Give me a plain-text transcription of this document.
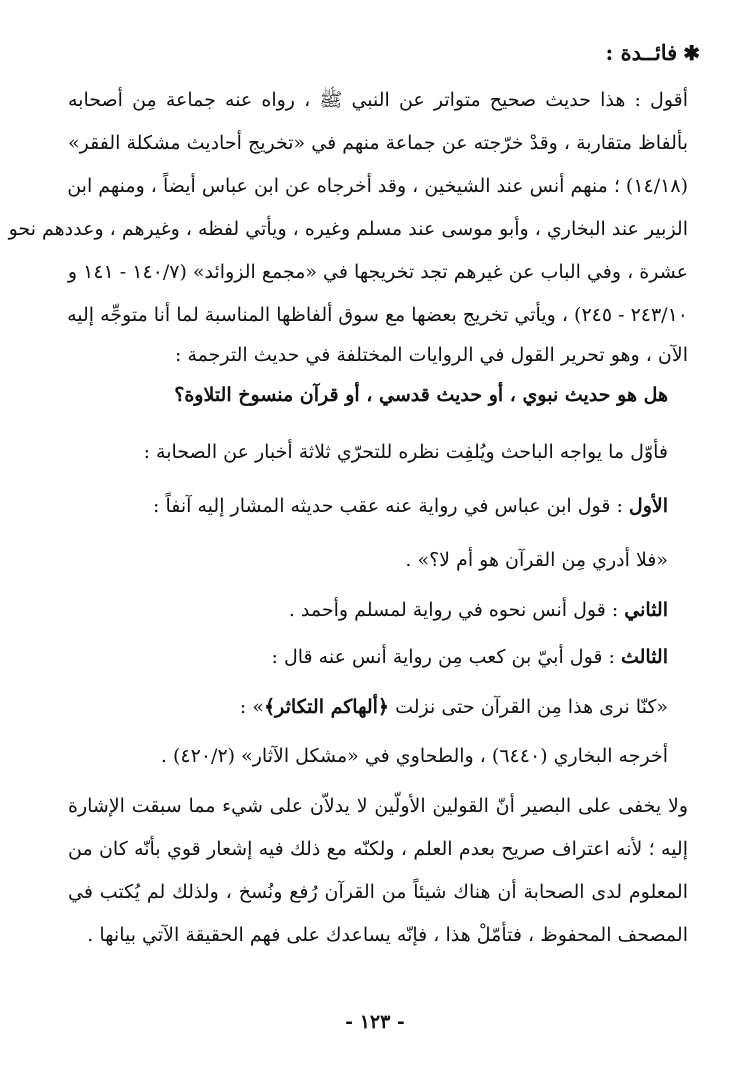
✱فائــدة :
أقول : هذا حديث صحيح متواتر عن النبي ﷺ ، رواه عنه جماعة مِن أصحابه
بألفاظ متقاربة ، وقدْ خرّجته عن جماعة منهم في «تخريج أحاديث مشكلة الفقر»
(١٤/١٨) ؛ منهم أنس عند الشيخين ، وقد أخرجاه عن ابن عباس أيضاً ، ومنهم ابن
الزبير عند البخاري ، وأبو موسى عند مسلم وغيره ، ويأتي لفظه ، وغيرهم ، وعددهم نحو
عشرة ، وفي الباب عن غيرهم تجد تخريجها في «مجمع الزوائد» (١٤٠/٧ - ١٤١ و
٢٤٣/١٠ - ٢٤٥) ، ويأتي تخريج بعضها مع سوق ألفاظها المناسبة لما أنا متوجِّه إليه
الآن ، وهو تحرير القول في الروايات المختلفة في حديث الترجمة :
هل هو حديث نبوي ، أو حديث قدسي ، أو قرآن منسوخ التلاوة؟
فأوّل ما يواجه الباحث ويُلفِت نظره للتحرّي ثلاثة أخبار عن الصحابة :
الأول : قول ابن عباس في رواية عنه عقب حديثه المشار إليه آنفاً :
«فلا أدري مِن القرآن هو أم لا؟» .
الثاني : قول أنس نحوه في رواية لمسلم وأحمد .
الثالث : قول أبيّ بن كعب مِن رواية أنس عنه قال :
«كنّا نرى هذا مِن القرآن حتى نزلت ﴿ألهاكم التكاثر﴾» :
أخرجه البخاري (٦٤٤٠) ، والطحاوي في «مشكل الآثار» (٤٢٠/٢) .
ولا يخفى على البصير أنّ القولين الأولّين لا يدلاّن على شيء مما سبقت الإشارة
إليه ؛ لأنه اعتراف صريح بعدم العلم ، ولكنّه مع ذلك فيه إشعار قوي بأنّه كان من
المعلوم لدى الصحابة أن هناك شيئاً من القرآن رُفع ونُسخ ، ولذلك لم يُكتب في
المصحف المحفوظ ، فتأمّلْ هذا ، فإنّه يساعدك على فهم الحقيقة الآتي بيانها .
- ١٢٣ -
